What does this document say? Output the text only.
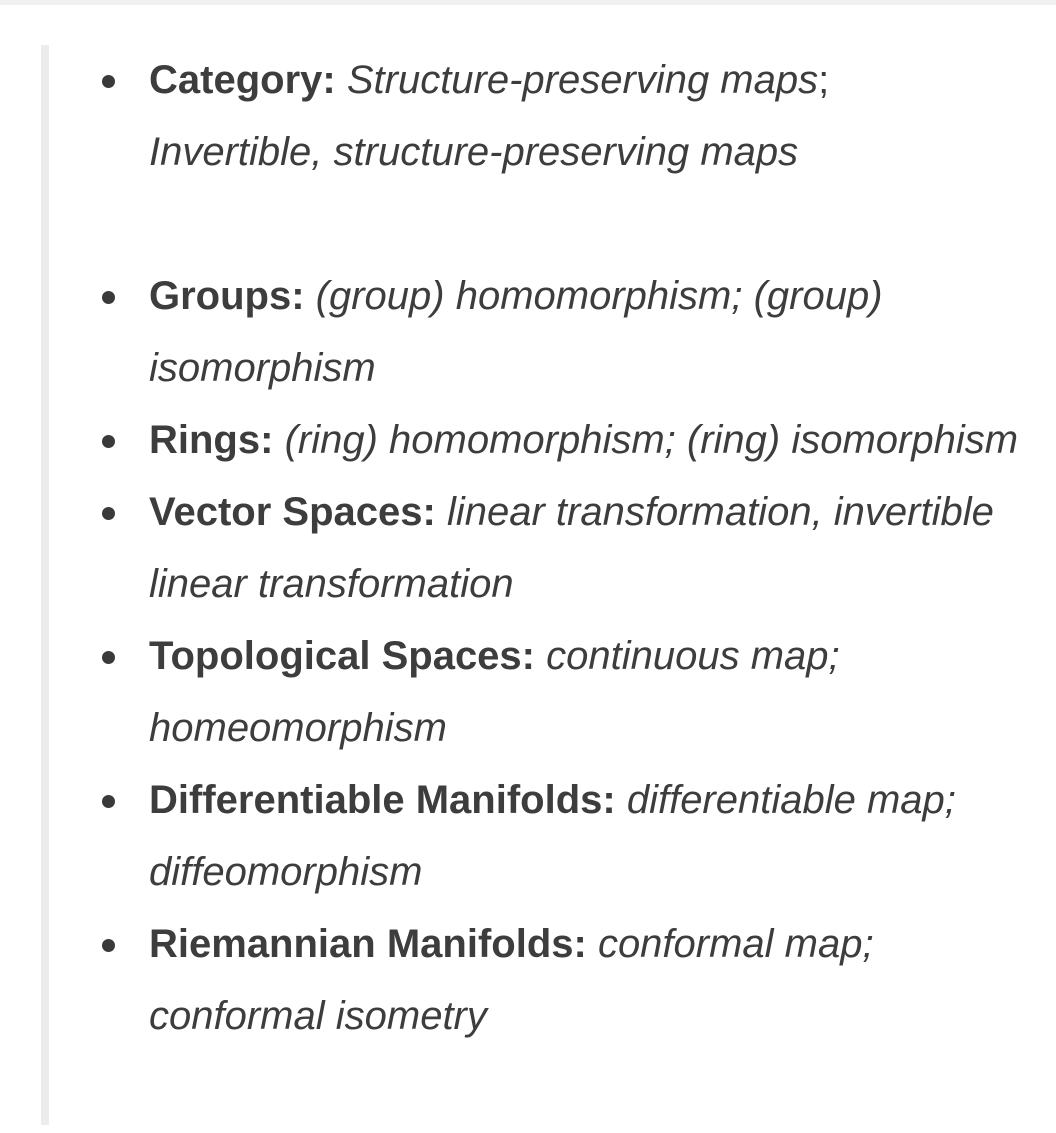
Category: Structure-preserving maps; Invertible, structure-preserving maps
Groups: (group) homomorphism; (group) isomorphism
Rings: (ring) homomorphism; (ring) isomorphism
Vector Spaces: linear transformation, invertible linear transformation
Topological Spaces: continuous map; homeomorphism
Differentiable Manifolds: differentiable map; diffeomorphism
Riemannian Manifolds: conformal map; conformal isometry
